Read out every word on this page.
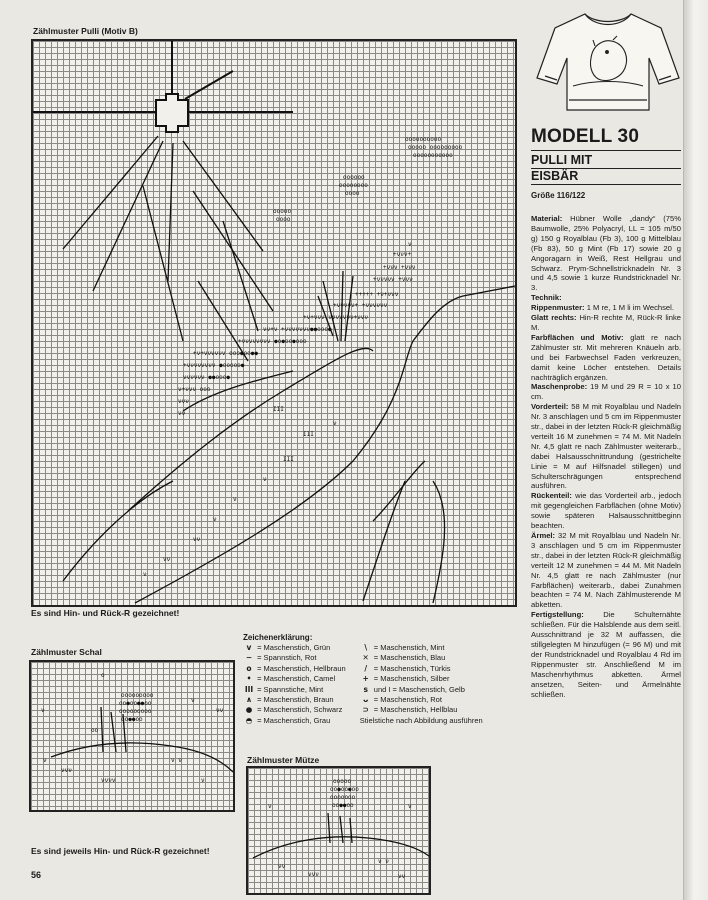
Zählmuster Pulli (Motiv B)
oooooooooo
ooooo ooooooooo
ooooooooooo
oooooo
oooooooo
oooo
ooooo
oooo
ν
+ννν+
+ννν +ννν
+ννννν +ννν
+++++ +ν+ννν
+ννννν+ +νννννν
+ν+ννν ννννννν+ννν
νν+ν +ννννννν●●ooo●
+νννννννν ●o●oo●ooo
+ν+νννννν ooo●oo●●
+νννννννν ●ooooo●
νννννν ●●ooo●
ν+ννν ooo
ννν
νν
III
III
III
ν
ν
ν
ν
νν
νν
ν
Es sind Hin- und Rück-R gezeichnet!
Zählmuster Schal
o
ooooooooo
oo●oo●●oo
ooooooooo
oo●●oo
oo
ν
ν
ννν
νννν
ν ν
ν
νν
ν
Zählmuster Mütze
ooooo
oo●oo●oo
ooooooo
oo●●oo
ν
νν
ννν
ν ν
νν
ν
Es sind jeweils Hin- und Rück-R gezeichnet!
56
Zeichenerklärung:
v = Maschenstich, Grün
− = Spannstich, Rot
o = Maschenstich, Hellbraun
• = Maschenstich, Camel
III = Spannstiche, Mint
∧ = Maschenstich, Braun
● = Maschenstich, Schwarz
◓ = Maschenstich, Grau
\ = Maschenstich, Mint
✕ = Maschenstich, Blau
/ = Maschenstich, Türkis
+ = Maschenstich, Silber
s und I = Maschenstich, Gelb
ᴗ = Maschenstich, Rot
⊃ = Maschenstich, Hellblau
Stielstiche nach Abbildung ausführen
MODELL 30
PULLI MIT
EISBÄR
Größe 116/122
Material: Hübner Wolle „dandy“ (75% Baumwolle, 25% Polyacryl, LL = 105 m/50 g) 150 g Royalblau (Fb 3), 100 g Mittelblau (Fb 83), 50 g Mint (Fb 17) sowie 20 g Angoragarn in Weiß, Rest Hellgrau und Schwarz. Prym-Schnellstricknadeln Nr. 3 und 4,5 sowie 1 kurze Rundstricknadel Nr. 3.
Technik:
Rippenmuster: 1 M re, 1 M li im Wechsel.
Glatt rechts: Hin-R rechte M, Rück-R linke M.
Farbflächen und Motiv: glatt re nach Zählmuster str. Mit mehreren Knäueln arb. und bei Farbwechsel Faden verkreuzen, damit keine Löcher entstehen. Details nachträglich ergänzen.
Maschenprobe: 19 M und 29 R = 10 x 10 cm.
Vorderteil: 58 M mit Royalblau und Nadeln Nr. 3 anschlagen und 5 cm im Rippenmuster str., dabei in der letzten Rück-R gleichmäßig verteilt 16 M zunehmen = 74 M. Mit Nadeln Nr. 4,5 glatt re nach Zählmuster weiterarb., dabei Halsausschnittrundung (gestrichelte Linie = M auf Hilfsnadel stillegen) und Schulterschrägungen entsprechend ausführen.
Rückenteil: wie das Vorderteil arb., jedoch mit gegengleichen Farbflächen (ohne Motiv) sowie späteren Halsausschnittbeginn beachten.
Ärmel: 32 M mit Royalblau und Nadeln Nr. 3 anschlagen und 5 cm im Rippenmuster str., dabei in der letzten Rück-R gleichmäßig verteilt 12 M zunehmen = 44 M. Mit Nadeln Nr. 4,5 glatt re nach Zählmuster (nur Farbflächen) weiterarb., dabei Zunahmen beachten = 74 M. Nach Zählmusterende M abketten.
Fertigstellung:	Die Schulternähte schließen. Für die Halsblende aus dem seitl. Ausschnittrand je 32 M auffassen, die stillgelegten M hinzufügen (= 96 M) und mit der Rundstricknadel und Royalblau 4 Rd im Rippenmuster str. Anschließend M im Maschenrhythmus abketten. Ärmel ansetzen, Seiten- und Ärmelnähte schließen.
